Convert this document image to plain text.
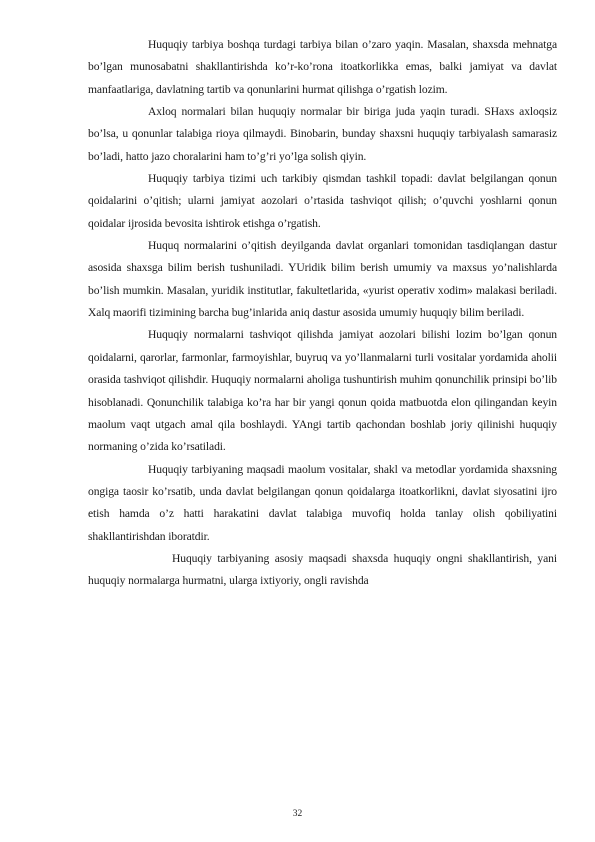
Huquqiy tarbiya boshqa turdagi tarbiya bilan o’zaro yaqin. Masalan, shaxsda mehnatga bo’lgan munosabatni shakllantirishda ko’r-ko’rona itoatkorlikka emas, balki jamiyat va davlat manfaatlariga, davlatning tartib va qonunlarini hurmat qilishga o’rgatish lozim.

Axloq normalari bilan huquqiy normalar bir biriga juda yaqin turadi. SHaxs axloqsiz bo’lsa, u qonunlar talabiga rioya qilmaydi. Binobarin, bunday shaxsni huquqiy tarbiyalash samarasiz bo’ladi, hatto jazo choralarini ham to’g’ri yo’lga solish qiyin.

Huquqiy tarbiya tizimi uch tarkibiy qismdan tashkil topadi: davlat belgilangan qonun qoidalarini o’qitish; ularni jamiyat aozolari o’rtasida tashviqot qilish; o’quvchi yoshlarni qonun qoidalar ijrosida bevosita ishtirok etishga o’rgatish.

Huquq normalarini o’qitish deyilganda davlat organlari tomonidan tasdiqlangan dastur asosida shaxsga bilim berish tushuniladi. YUridik bilim berish umumiy va maxsus yo’nalishlarda bo’lish mumkin. Masalan, yuridik institutlar, fakultetlarida, «yurist operativ xodim» malakasi beriladi. Xalq maorifi tizimining barcha bug’inlarida aniq dastur asosida umumiy huquqiy bilim beriladi.

Huquqiy normalarni tashviqot qilishda jamiyat aozolari bilishi lozim bo’lgan qonun qoidalarni, qarorlar, farmonlar, farmoyishlar, buyruq va yo’llanmalarni turli vositalar yordamida aholii orasida tashviqot qilishdir. Huquqiy normalarni aholiga tushuntirish muhim qonunchilik prinsipi bo’lib hisoblanadi. Qonunchilik talabiga ko’ra har bir yangi qonun qoida matbuotda elon qilingandan keyin maolum vaqt utgach amal qila boshlaydi. YAngi tartib qachondan boshlab joriy qilinishi huquqiy normaning o’zida ko’rsatiladi.

Huquqiy tarbiyaning maqsadi maolum vositalar, shakl va metodlar yordamida shaxsning ongiga taosir ko’rsatib, unda davlat belgilangan qonun qoidalarga itoatkorlikni, davlat siyosatini ijro etish hamda o’z hatti harakatini davlat talabiga muvofiq holda tanlay olish qobiliyatini shakllantirishdan iboratdir.

Huquqiy tarbiyaning asosiy maqsadi shaxsda huquqiy ongni shakllantirish, yani huquqiy normalarga hurmatni, ularga ixtiyoriy, ongli ravishda

32
